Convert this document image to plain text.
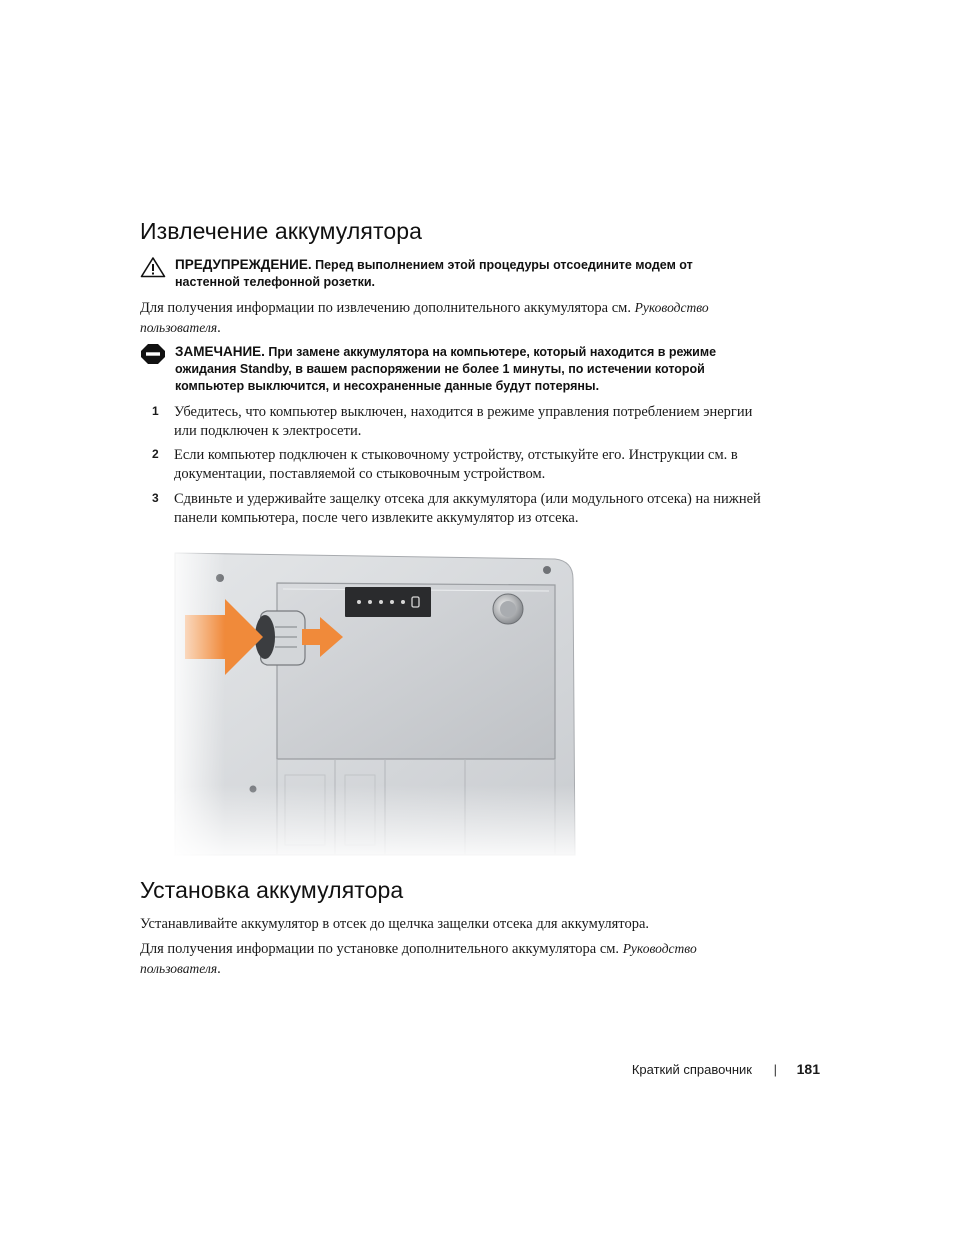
Извлечение аккумулятора
ПРЕДУПРЕЖДЕНИЕ. Перед выполнением этой процедуры отсоедините модем от настенной телефонной розетки.

Для получения информации по извлечению дополнительного аккумулятора см. Руководство пользователя.

ЗАМЕЧАНИЕ. При замене аккумулятора на компьютере, который находится в режиме ожидания Standby, в вашем распоряжении не более 1 минуты, по истечении которой компьютер выключится, и несохраненные данные будут потеряны.
1 Убедитесь, что компьютер выключен, находится в режиме управления потреблением энергии или подключен к электросети.
2 Если компьютер подключен к стыковочному устройству, отстыкуйте его. Инструкции см. в документации, поставляемой со стыковочным устройством.
3 Сдвиньте и удерживайте защелку отсека для аккумулятора (или модульного отсека) на нижней панели компьютера, после чего извлеките аккумулятор из отсека.
Установка аккумулятора

Устанавливайте аккумулятор в отсек до щелчка защелки отсека для аккумулятора.

Для получения информации по установке дополнительного аккумулятора см. Руководство пользователя.

Краткий справочник | 181
